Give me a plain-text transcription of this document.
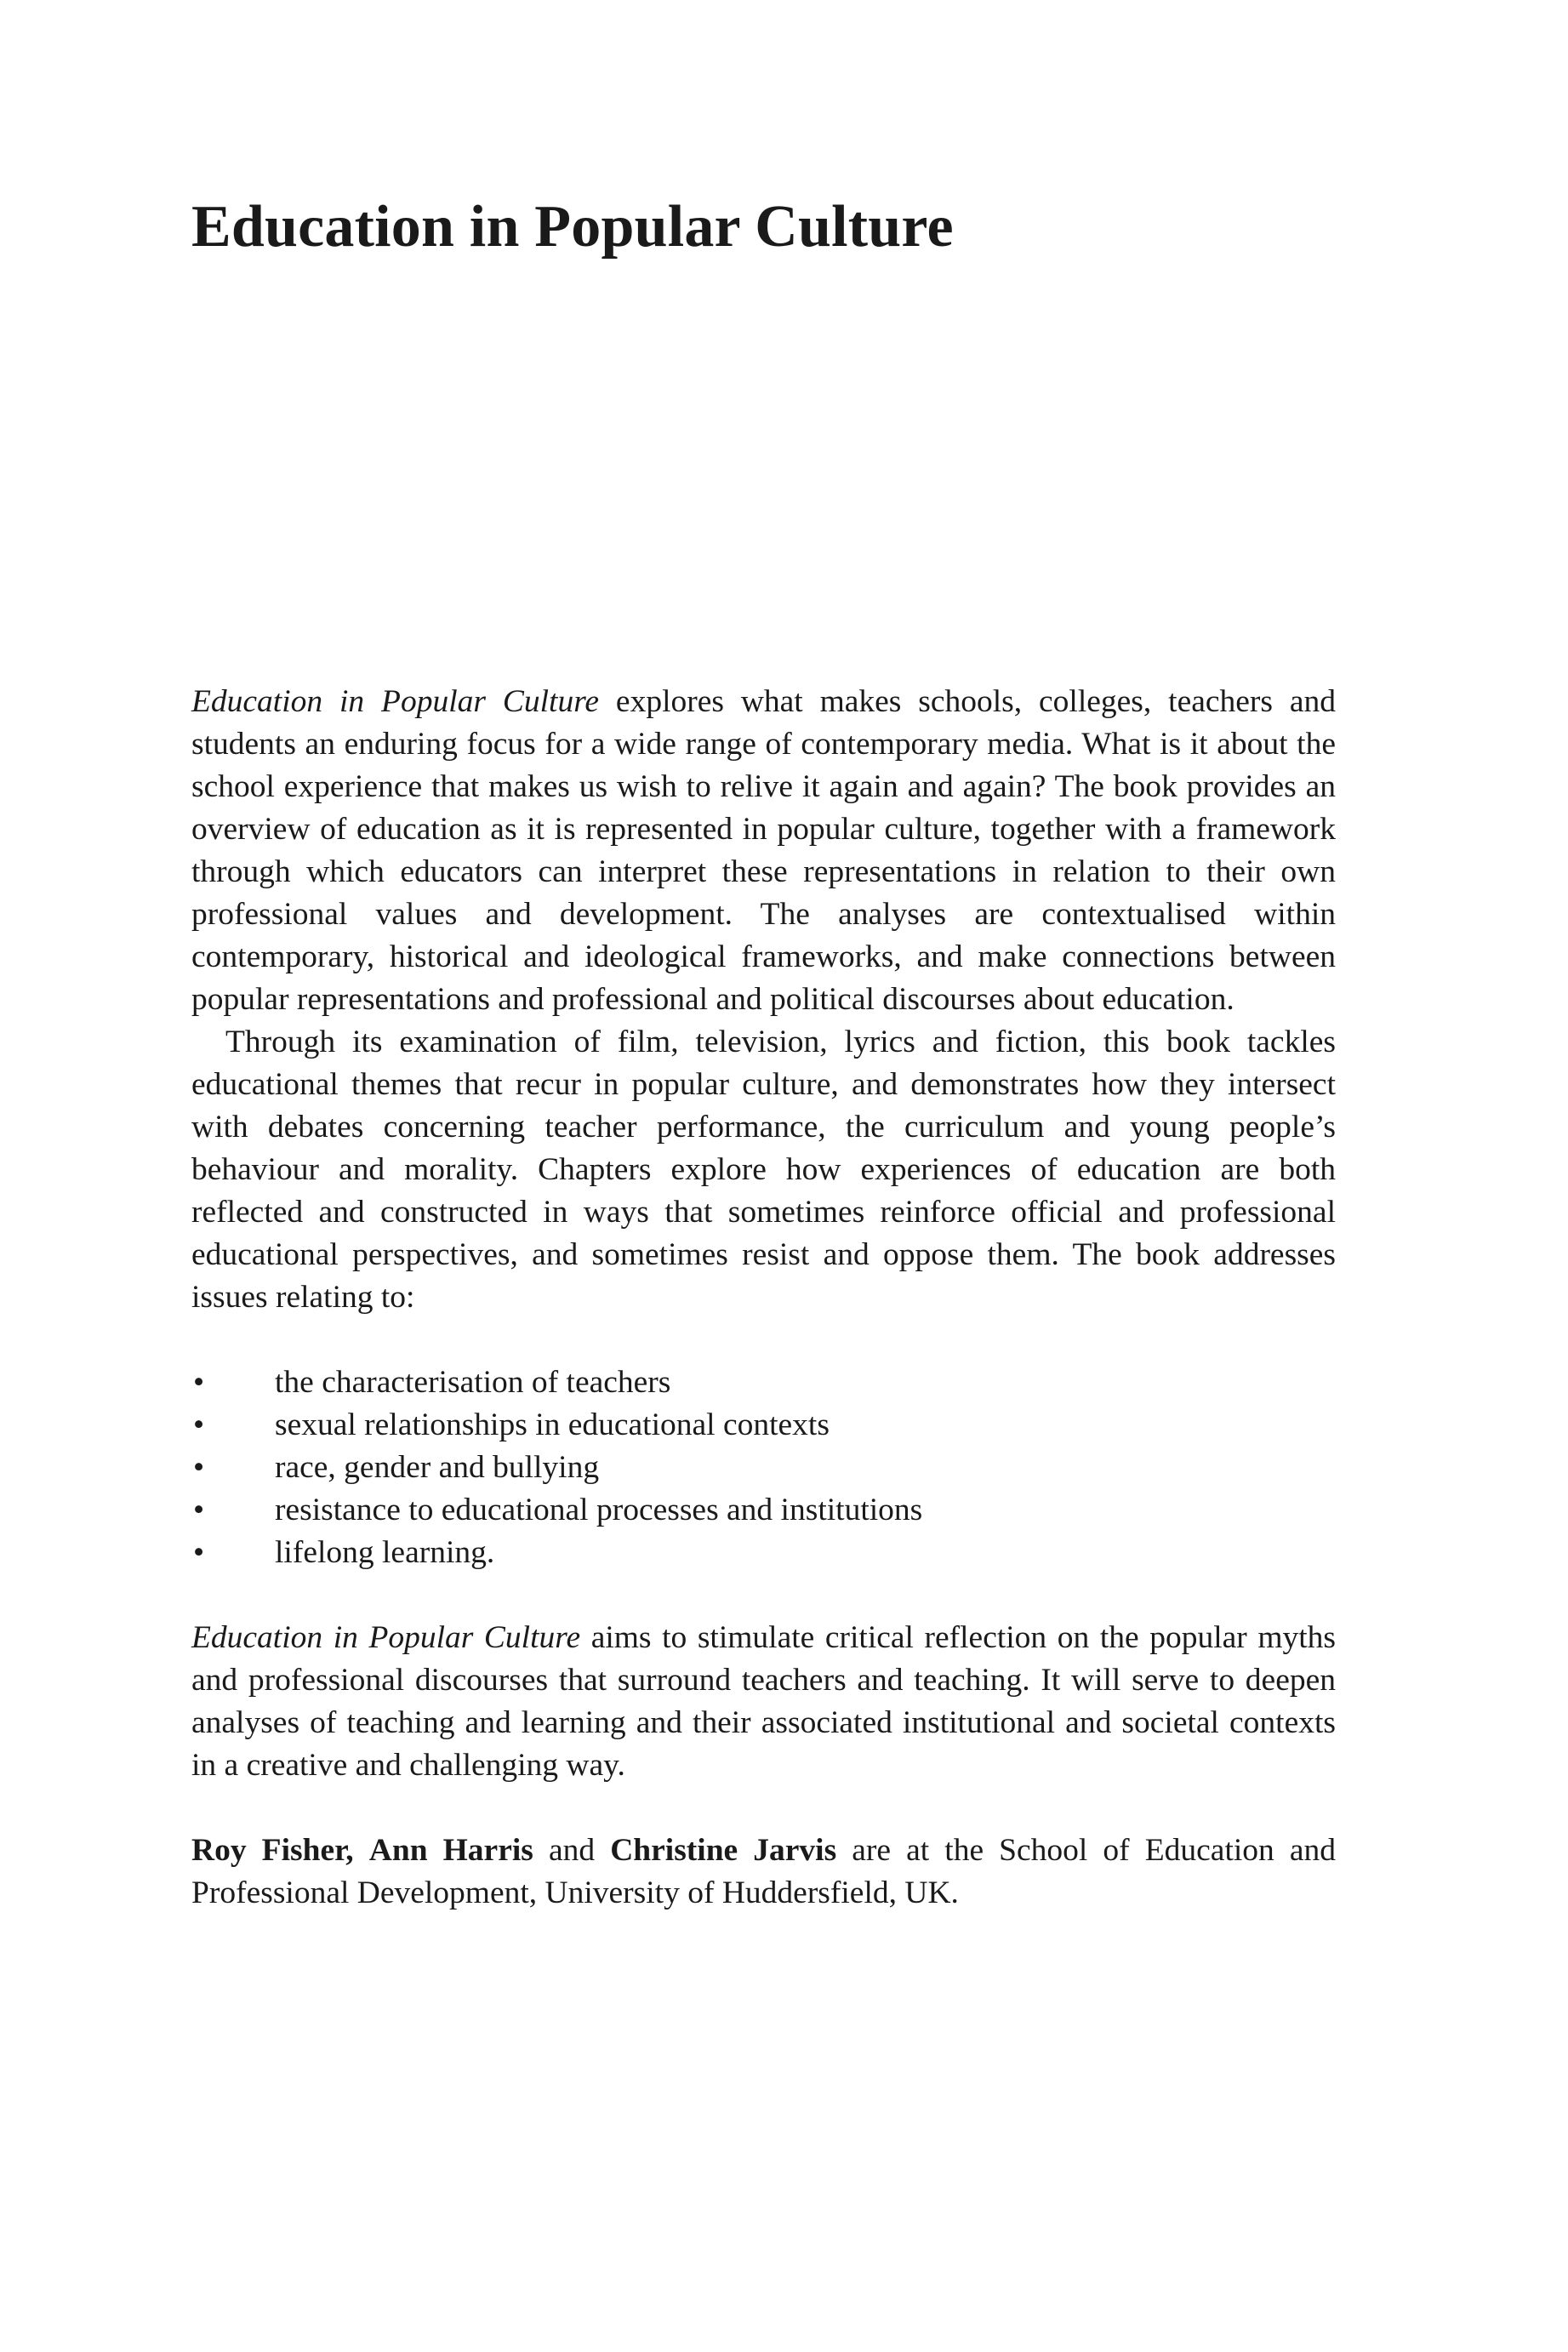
Education in Popular Culture

Education in Popular Culture explores what makes schools, colleges, teachers and students an enduring focus for a wide range of contemporary media. What is it about the school experience that makes us wish to relive it again and again? The book provides an overview of education as it is represented in popular culture, together with a framework through which educators can interpret these representations in relation to their own professional values and development. The analyses are contextualised within contemporary, historical and ideological frameworks, and make connections between popular representations and professional and political discourses about education.

Through its examination of film, television, lyrics and fiction, this book tackles educational themes that recur in popular culture, and demonstrates how they intersect with debates concerning teacher performance, the curriculum and young people’s behaviour and morality. Chapters explore how experiences of education are both reflected and constructed in ways that sometimes reinforce official and professional educational perspectives, and sometimes resist and oppose them. The book addresses issues relating to:

• the characterisation of teachers
• sexual relationships in educational contexts
• race, gender and bullying
• resistance to educational processes and institutions
• lifelong learning.

Education in Popular Culture aims to stimulate critical reflection on the popular myths and professional discourses that surround teachers and teaching. It will serve to deepen analyses of teaching and learning and their associated institutional and societal contexts in a creative and challenging way.

Roy Fisher, Ann Harris and Christine Jarvis are at the School of Education and Professional Development, University of Huddersfield, UK.
